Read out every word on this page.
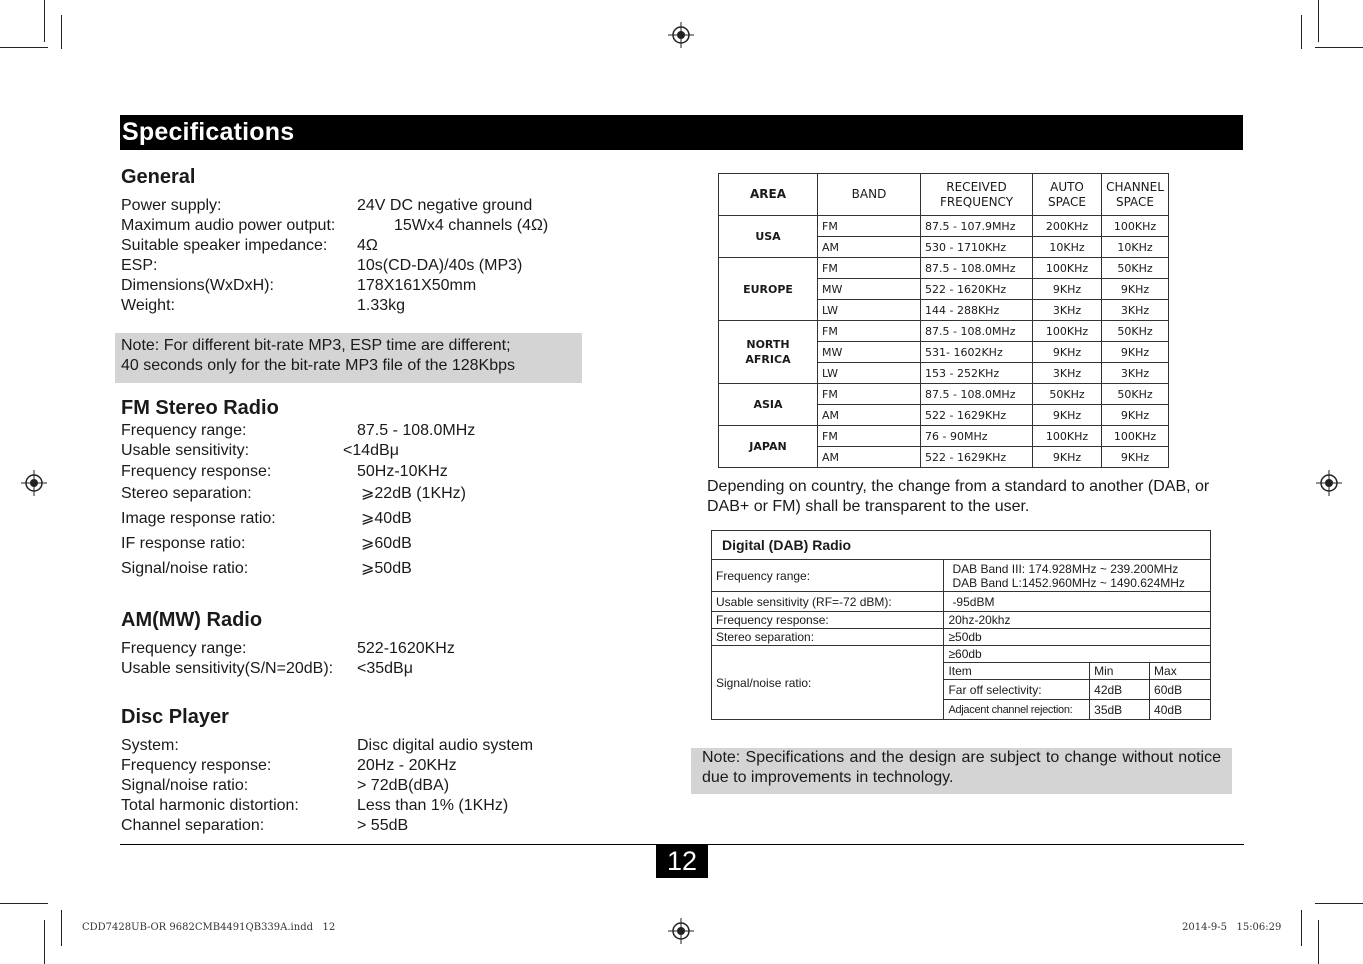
Specifications
General
Power supply:	24V DC negative ground
Maximum audio power output:	15Wx4 channels (4Ω)
Suitable speaker impedance: 4Ω
ESP:	10s(CD-DA)/40s (MP3)
Dimensions(WxDxH):	178X161X50mm
Weight:	1.33kg
Note: For different bit-rate MP3, ESP time are different;
40 seconds only for the bit-rate MP3 file of the 128Kbps
FM Stereo Radio
Frequency range:	87.5 - 108.0MHz
Usable sensitivity:	<14dBμ
Frequency response:	50Hz-10KHz
Stereo separation:	⩾22dB (1KHz)
Image response ratio:	⩾40dB
IF response ratio:	⩾60dB
Signal/noise ratio:	⩾50dB
AM(MW) Radio
Frequency range:	522-1620KHz
Usable sensitivity(S/N=20dB): <35dBμ
Disc Player
System:	Disc digital audio system
Frequency response:	20Hz - 20KHz
Signal/noise ratio:	> 72dB(dBA)
Total harmonic distortion:	Less than 1% (1KHz)
Channel separation:	> 55dB
AREA	BAND	RECEIVED FREQUENCY	AUTO SPACE	CHANNEL SPACE
USA	FM	87.5 - 107.9MHz	200KHz	100KHz
	AM	530 - 1710KHz	10KHz	10KHz
EUROPE	FM	87.5 - 108.0MHz	100KHz	50KHz
	MW	522 - 1620KHz	9KHz	9KHz
	LW	144 - 288KHz	3KHz	3KHz
NORTH AFRICA	FM	87.5 - 108.0MHz	100KHz	50KHz
	MW	531- 1602KHz	9KHz	9KHz
	LW	153 - 252KHz	3KHz	3KHz
ASIA	FM	87.5 - 108.0MHz	50KHz	50KHz
	AM	522 - 1629KHz	9KHz	9KHz
JAPAN	FM	76 - 90MHz	100KHz	100KHz
	AM	522 - 1629KHz	9KHz	9KHz
Depending on country, the change from a standard to another (DAB, or DAB+ or FM) shall be transparent to the user.
Digital (DAB) Radio			
Frequency range:	DAB Band III: 174.928MHz ~ 239.200MHz
DAB Band L:1452.960MHz ~ 1490.624MHz		

Usable sensitivity (RF=-72 dBM):	-95dBM		
Frequency response:	20hz-20khz		
Stereo separation:	≥50db		
Signal/noise ratio:	≥60db		
	Item	Min	Max
	Far off selectivity:	42dB	60dB
	Adjacent channel rejection:	35dB	40dB
Note: Specifications and the design are subject to change without notice due to improvements in technology.
12
CDD7428UB-OR 9682CMB4491QB339A.indd   12	2014-9-5   15:06:29
